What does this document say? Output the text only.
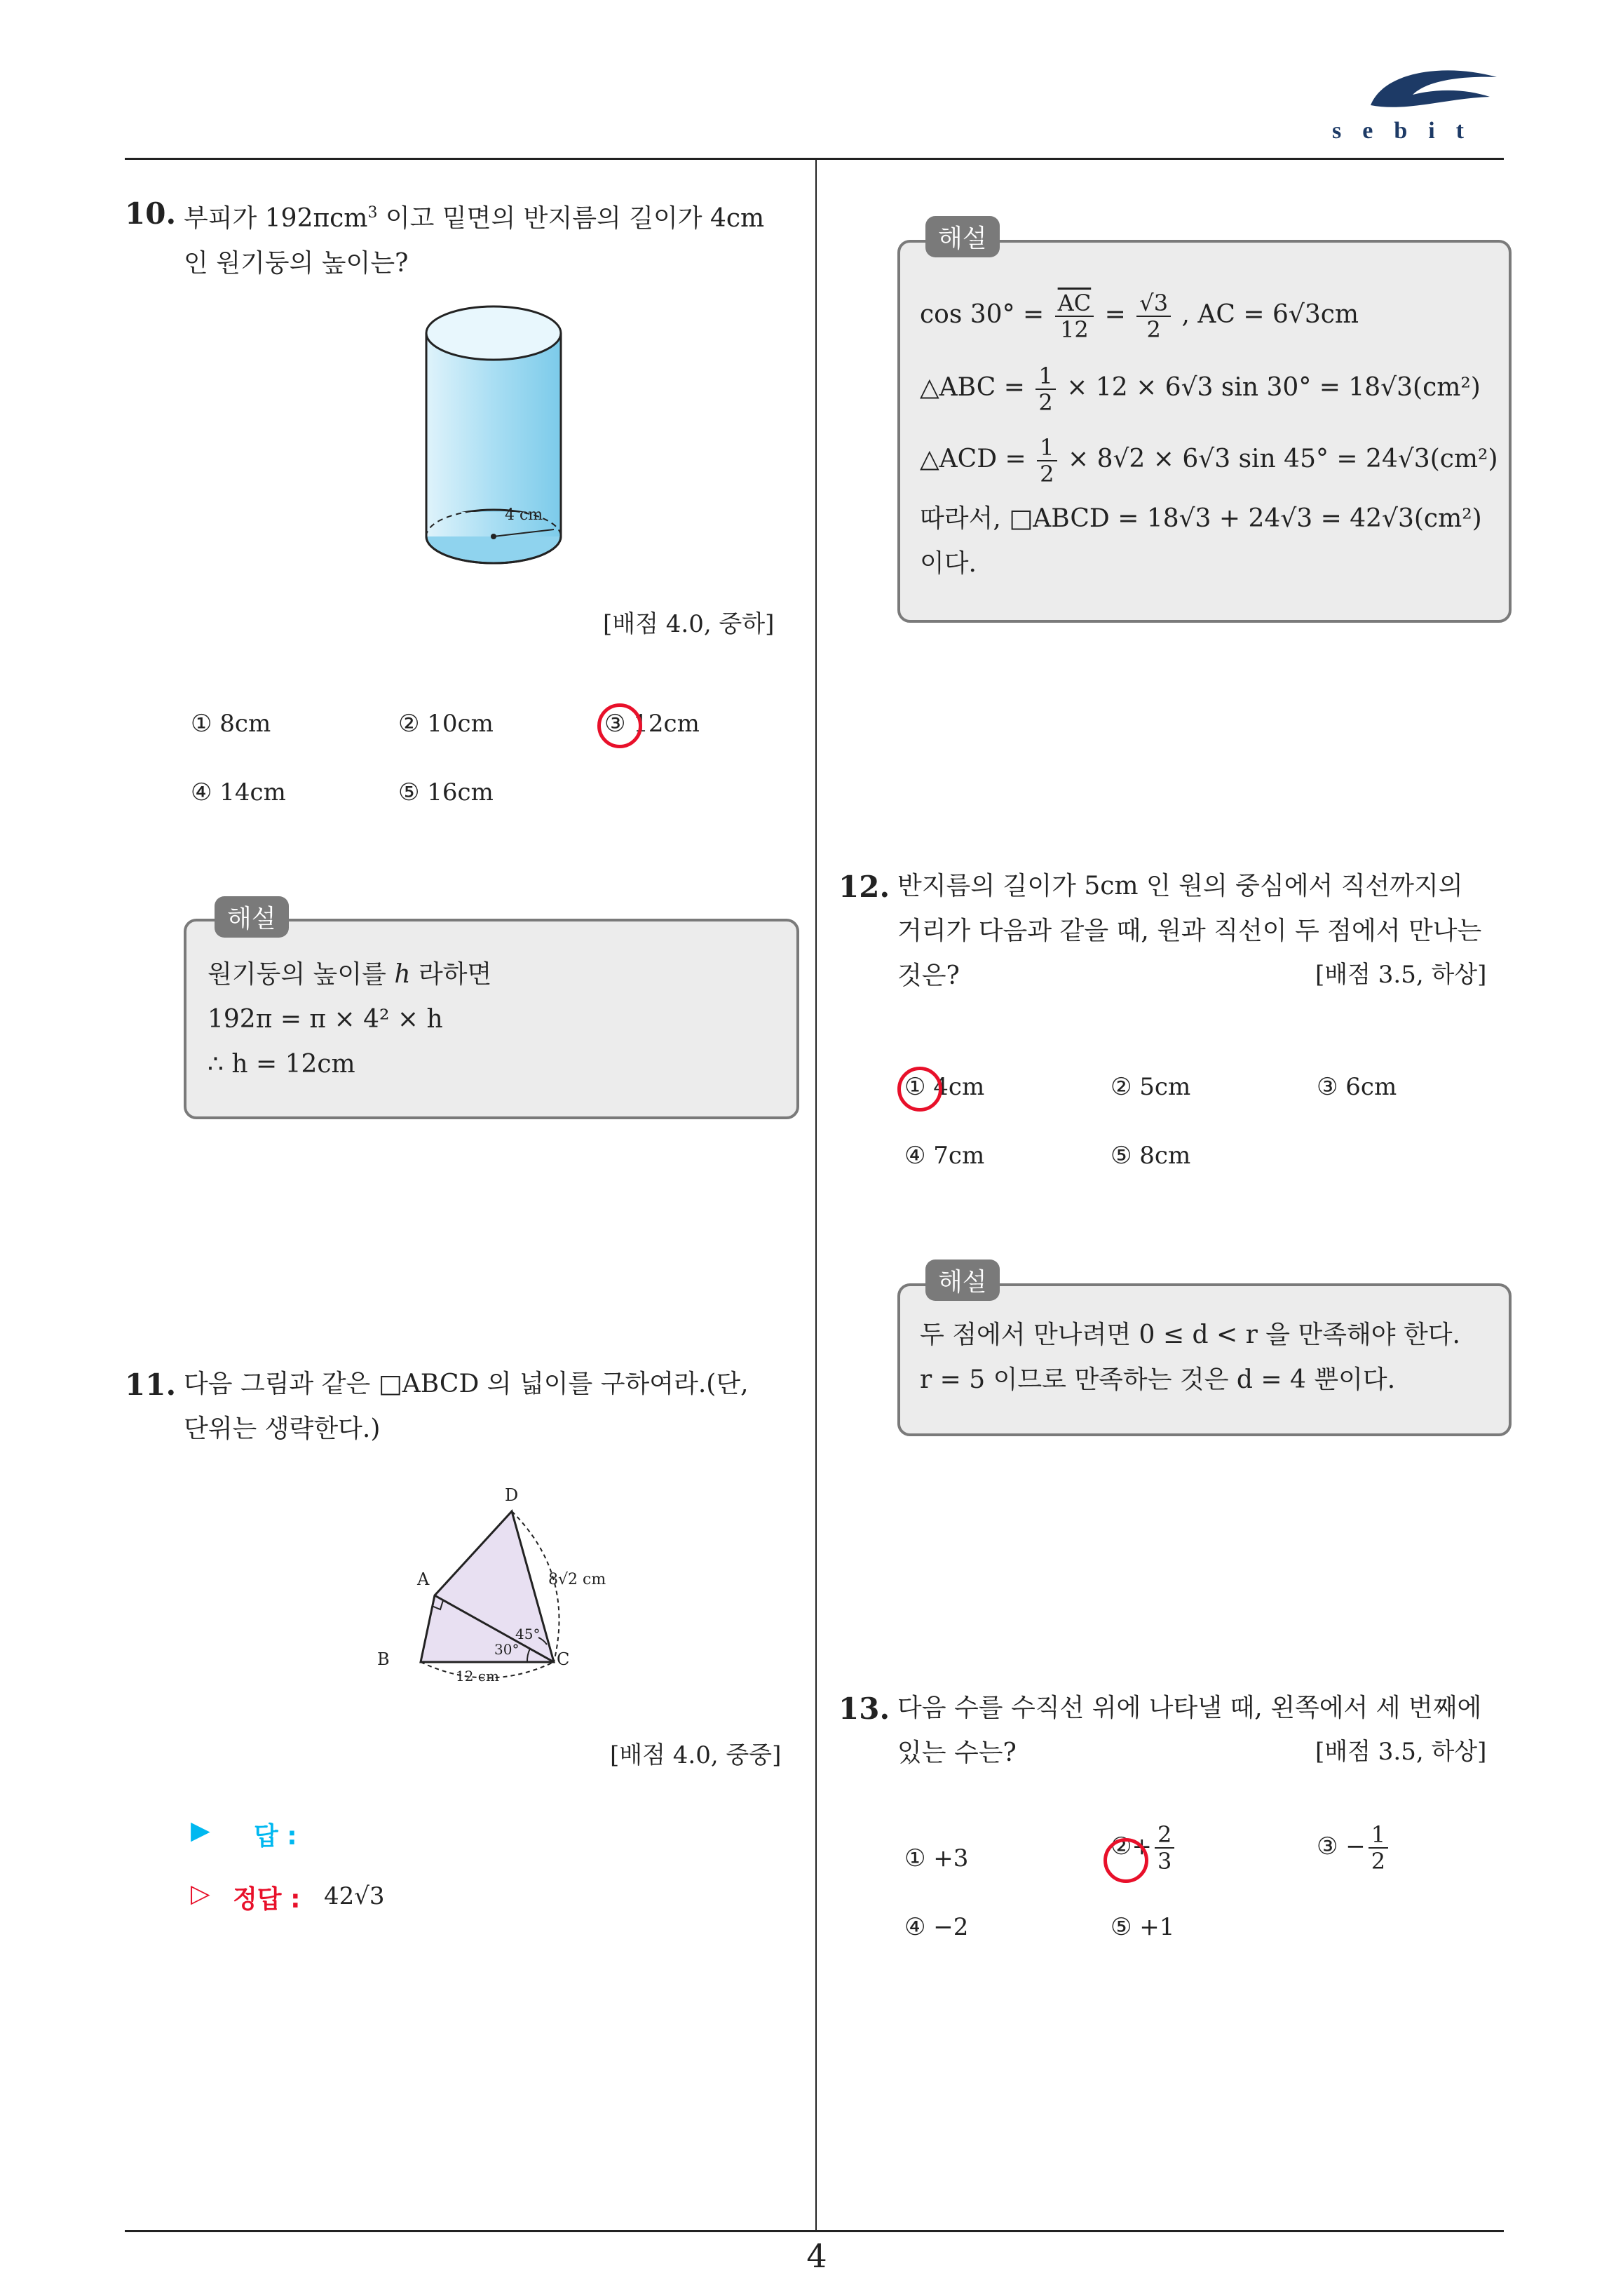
sebit
10. 부피가 192πcm$^3$ 이고 밑면의 반지름의 길이가 4cm
인 원기둥의 높이는?
4 cm
[배점 4.0, 중하]
① 8cm	② 10cm	③ 12cm
④ 14cm	⑤ 16cm
해설
원기둥의 높이를 h 라하면
192π = π × 4² × h
∴ h = 12cm
11. 다음 그림과 같은 □ABCD 의 넓이를 구하여라.(단,
단위는 생략한다.)
D
A
B	C
8√2 cm
12 cm
30°
45°
[배점 4.0, 중중]
▶ 답 :
▷ 정답 : 42√3
해설
$\cos 30^\circ = \frac{\overline{AC}}{12} = \frac{√3}{2}$ , AC = 6√3cm
△ABC = $\frac{1}{2} \times 12 \times 6√3$ sin 30° = 18√3(cm²)
△ACD = $\frac{1}{2} \times 8√2 \times 6√3$ sin 45° = 24√3(cm²)
따라서, □ABCD = 18√3 + 24√3 = 42√3(cm²)
이다.
12. 반지름의 길이가 5cm 인 원의 중심에서 직선까지의
거리가 다음과 같을 때, 원과 직선이 두 점에서 만나는
것은?	[배점 3.5, 하상]
① 4cm	② 5cm	③ 6cm
④ 7cm	⑤ 8cm
해설
두 점에서 만나려면 0 ≤ d < r 을 만족해야 한다.
r = 5 이므로 만족하는 것은 d = 4 뿐이다.
13. 다음 수를 수직선 위에 나타낼 때, 왼쪽에서 세 번째에
있는 수는?	[배점 3.5, 하상]
① +3	②+ $\frac{2}{3}$	③ − $\frac{1}{2}$
④ −2	⑤ +1
4
